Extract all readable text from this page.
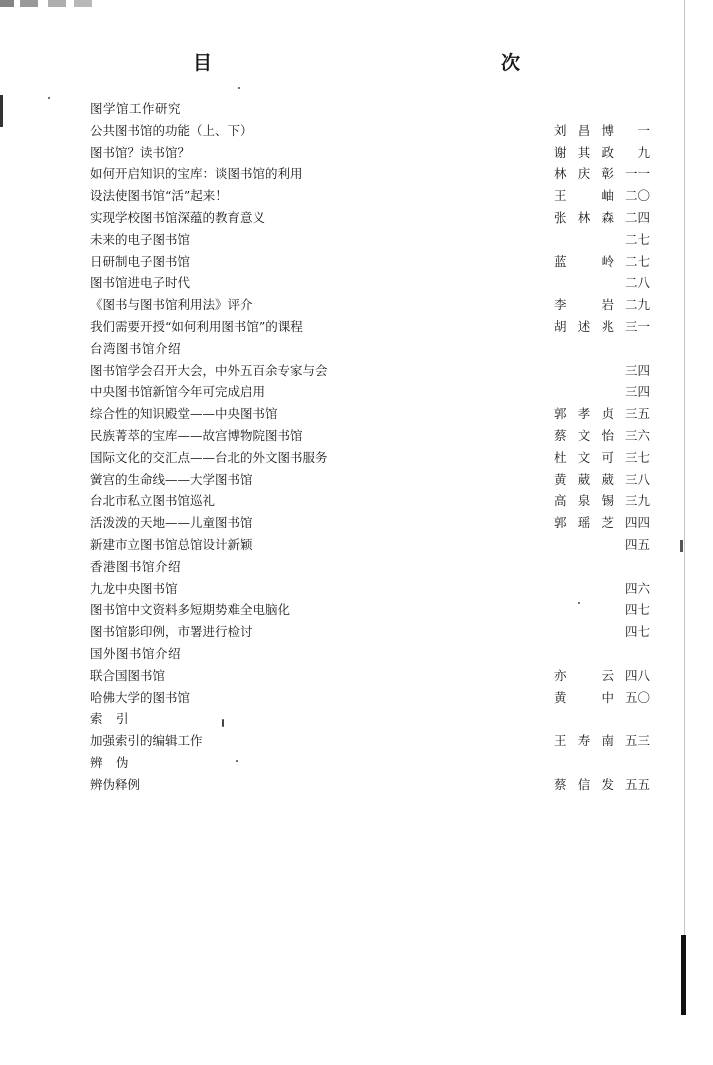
目　　　次
图学馆工作研究
公共图书馆的功能（上、下）	刘昌博	一
图书馆？读书馆？	谢其政	九
如何开启知识的宝库：谈图书馆的利用	林庆彰 一一
设法使图书馆“活”起来！	王　岫 二〇
实现学校图书馆深蕴的教育意义	张林森 二四
未来的电子图书馆	二七
日研制电子图书馆	蓝　岭 二七
图书馆进电子时代	二八
《图书与图书馆利用法》评介	李　岩 二九
我们需要开授“如何利用图书馆”的课程	胡述兆 三一
台湾图书馆介绍
图书馆学会召开大会，中外五百余专家与会	三四
中央图书馆新馆今年可完成启用	三四
综合性的知识殿堂——中央图书馆	郭孝贞 三五
民族菁萃的宝库——故宫博物院图书馆	蔡文怡 三六
国际文化的交汇点——台北的外文图书服务	杜文可 三七
黉宫的生命线——大学图书馆	黄葳葳 三八
台北市私立图书馆巡礼	高泉锡 三九
活泼泼的天地——儿童图书馆	郭瑶芝 四四
新建市立图书馆总馆设计新颖	四五
香港图书馆介绍
九龙中央图书馆	四六
图书馆中文资料多短期势难全电脑化	四七
图书馆影印例，市署进行检讨	四七
国外图书馆介绍
联合国图书馆	亦　云 四八
哈佛大学的图书馆	黄　中 五〇
索　引
加强索引的编辑工作	王寿南 五三
辨　伪
辨伪释例	蔡信发 五五
